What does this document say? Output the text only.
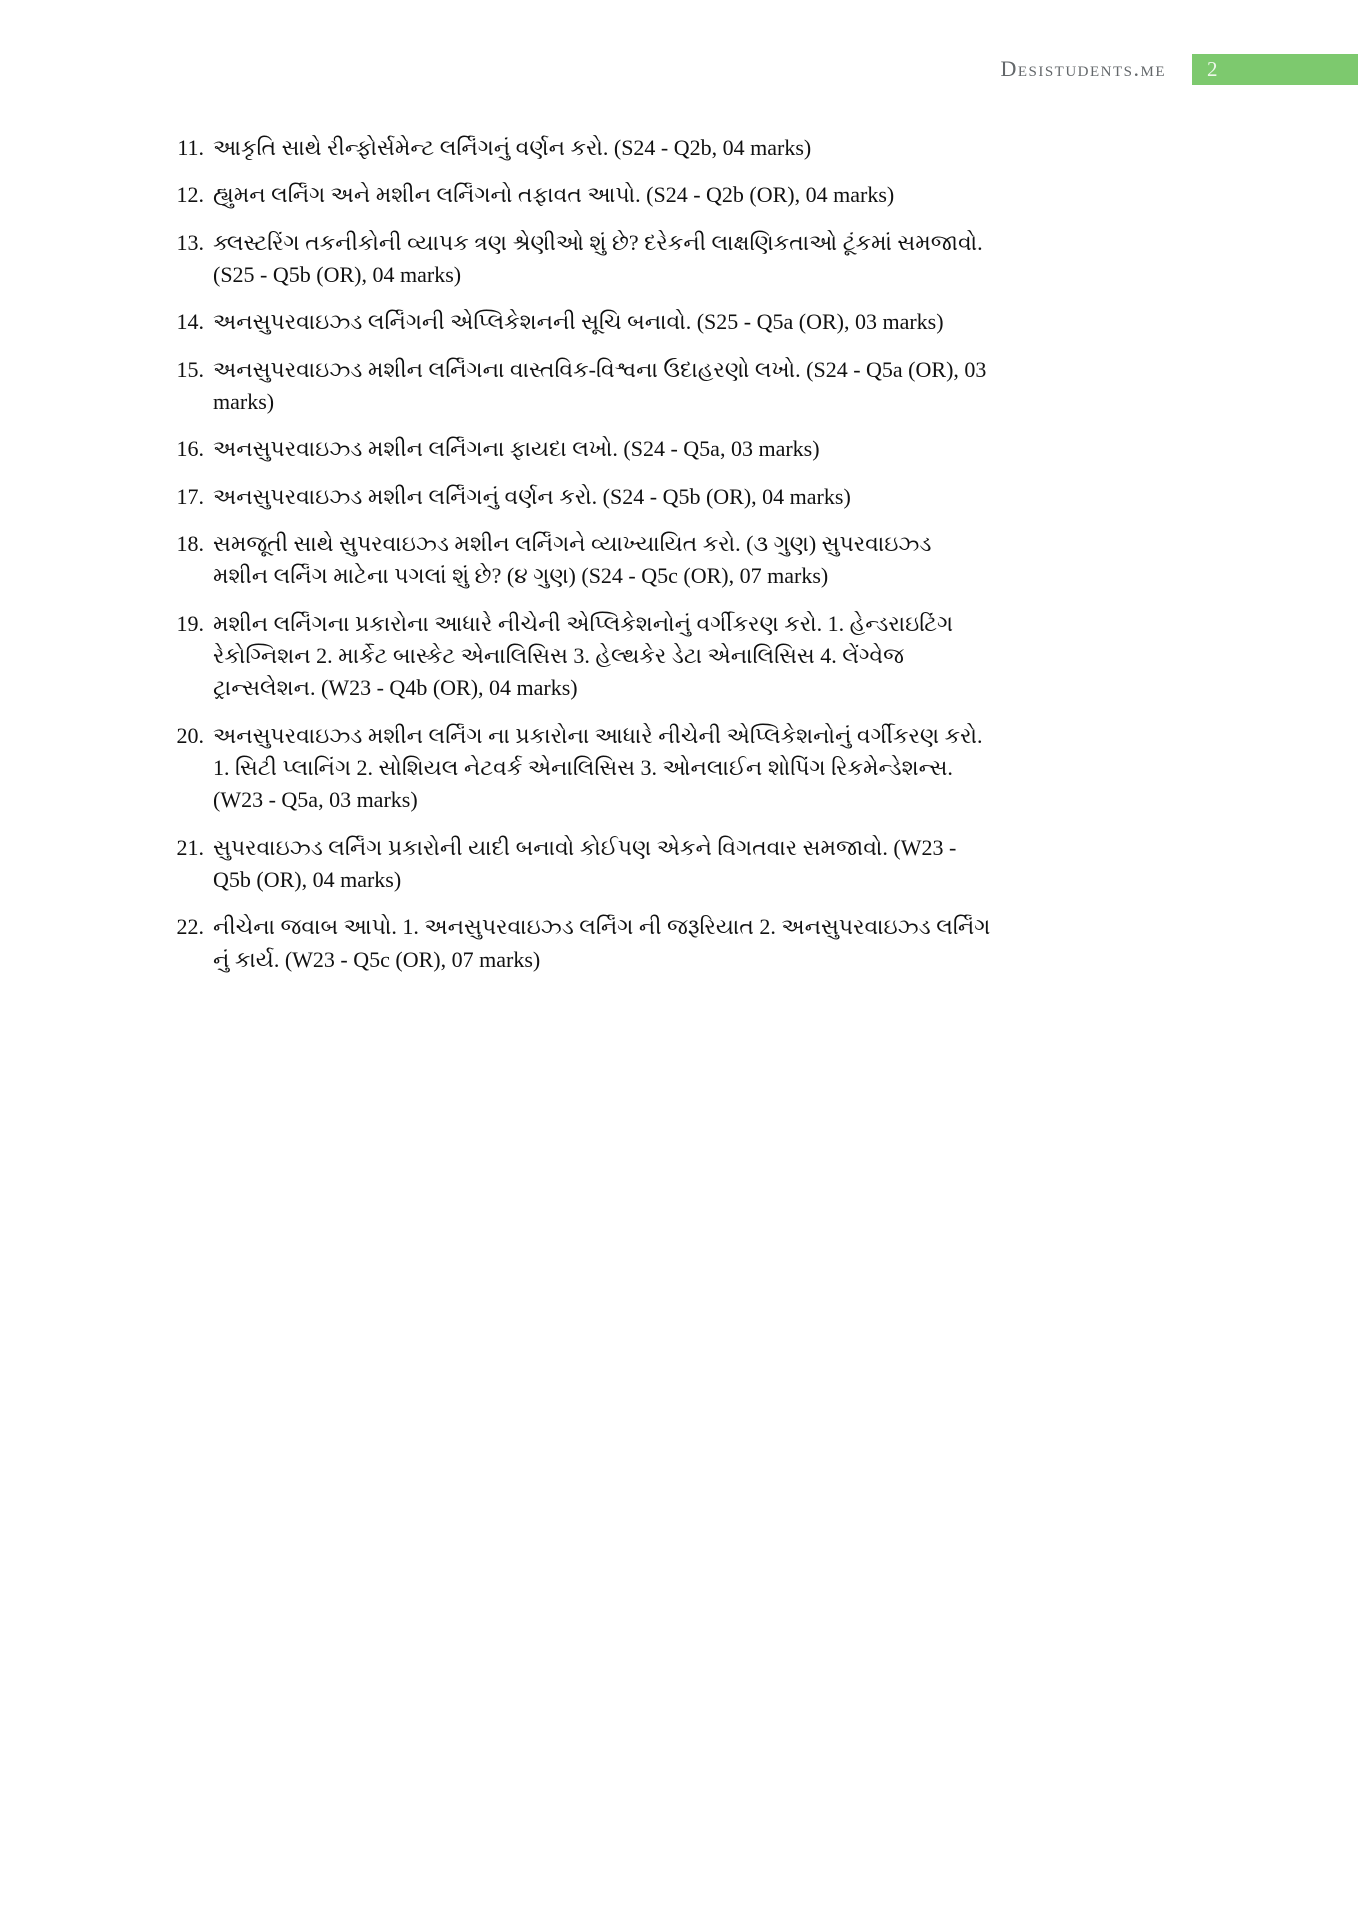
Desistudents.me	2
11. આકૃતિ સાથે રીન્ફોર્સમેન્ટ લર્નિંગનું વર્ણન કરો. (S24 - Q2b, 04 marks)
12. હ્યુમન લર્નિંગ અને મશીન લર્નિંગનો તફાવત આપો. (S24 - Q2b (OR), 04 marks)
13. ક્લસ્ટરિંગ તકનીકોની વ્યાપક ત્રણ શ્રેણીઓ શું છે? દરેકની લાક્ષણિકતાઓ ટૂંકમાં સમજાવો. (S25 - Q5b (OR), 04 marks)
14. અનસુપરવાઇઝ્ડ લર્નિંગની એપ્લિકેશનની સૂચિ બનાવો. (S25 - Q5a (OR), 03 marks)
15. અનસુપરવાઇઝ્ડ મશીન લર્નિંગના વાસ્તવિક-વિશ્વના ઉદાહરણો લખો. (S24 - Q5a (OR), 03 marks)
16. અનસુપરવાઇઝ્ડ મશીન લર્નિંગના ફાયદા લખો. (S24 - Q5a, 03 marks)
17. અનસુપરવાઇઝ્ડ મશીન લર્નિંગનું વર્ણન કરો. (S24 - Q5b (OR), 04 marks)
18. સમજૂતી સાથે સુપરવાઇઝ્ડ મશીન લર્નિંગને વ્યાખ્યાયિત કરો. (૩ ગુણ) સુપરવાઇઝ્ડ મશીન લર્નિંગ માટેના પગલાં શું છે? (૪ ગુણ) (S24 - Q5c (OR), 07 marks)
19. મશીન લર્નિંગના પ્રકારોના આધારે નીચેની એપ્લિકેશનોનું વર્ગીકરણ કરો. 1. હેન્ડરાઇટિંગ રેકોગ્નિશન 2. માર્કેટ બાસ્કેટ એનાલિસિસ 3. હેલ્થકેર ડેટા એનાલિસિસ 4. લેંગ્વેજ ટ્રાન્સલેશન. (W23 - Q4b (OR), 04 marks)
20. અનસુપરવાઇઝ્ડ મશીન લર્નિંગ ના પ્રકારોના આધારે નીચેની એપ્લિકેશનોનું વર્ગીકરણ કરો. 1. સિટી પ્લાનિંગ 2. સોશિયલ નેટવર્ક એનાલિસિસ 3. ઓનલાઈન શોપિંગ રિકમેન્ડેશન્સ. (W23 - Q5a, 03 marks)
21. સુપરવાઇઝ્ડ લર્નિંગ પ્રકારોની યાદી બનાવો કોઈપણ એકને વિગતવાર સમજાવો. (W23 - Q5b (OR), 04 marks)
22. નીચેના જવાબ આપો. 1. અનસુપરવાઇઝ્ડ લર્નિંગ ની જરૂરિયાત 2. અનસુપરવાઇઝ્ડ લર્નિંગ નું કાર્ય. (W23 - Q5c (OR), 07 marks)
